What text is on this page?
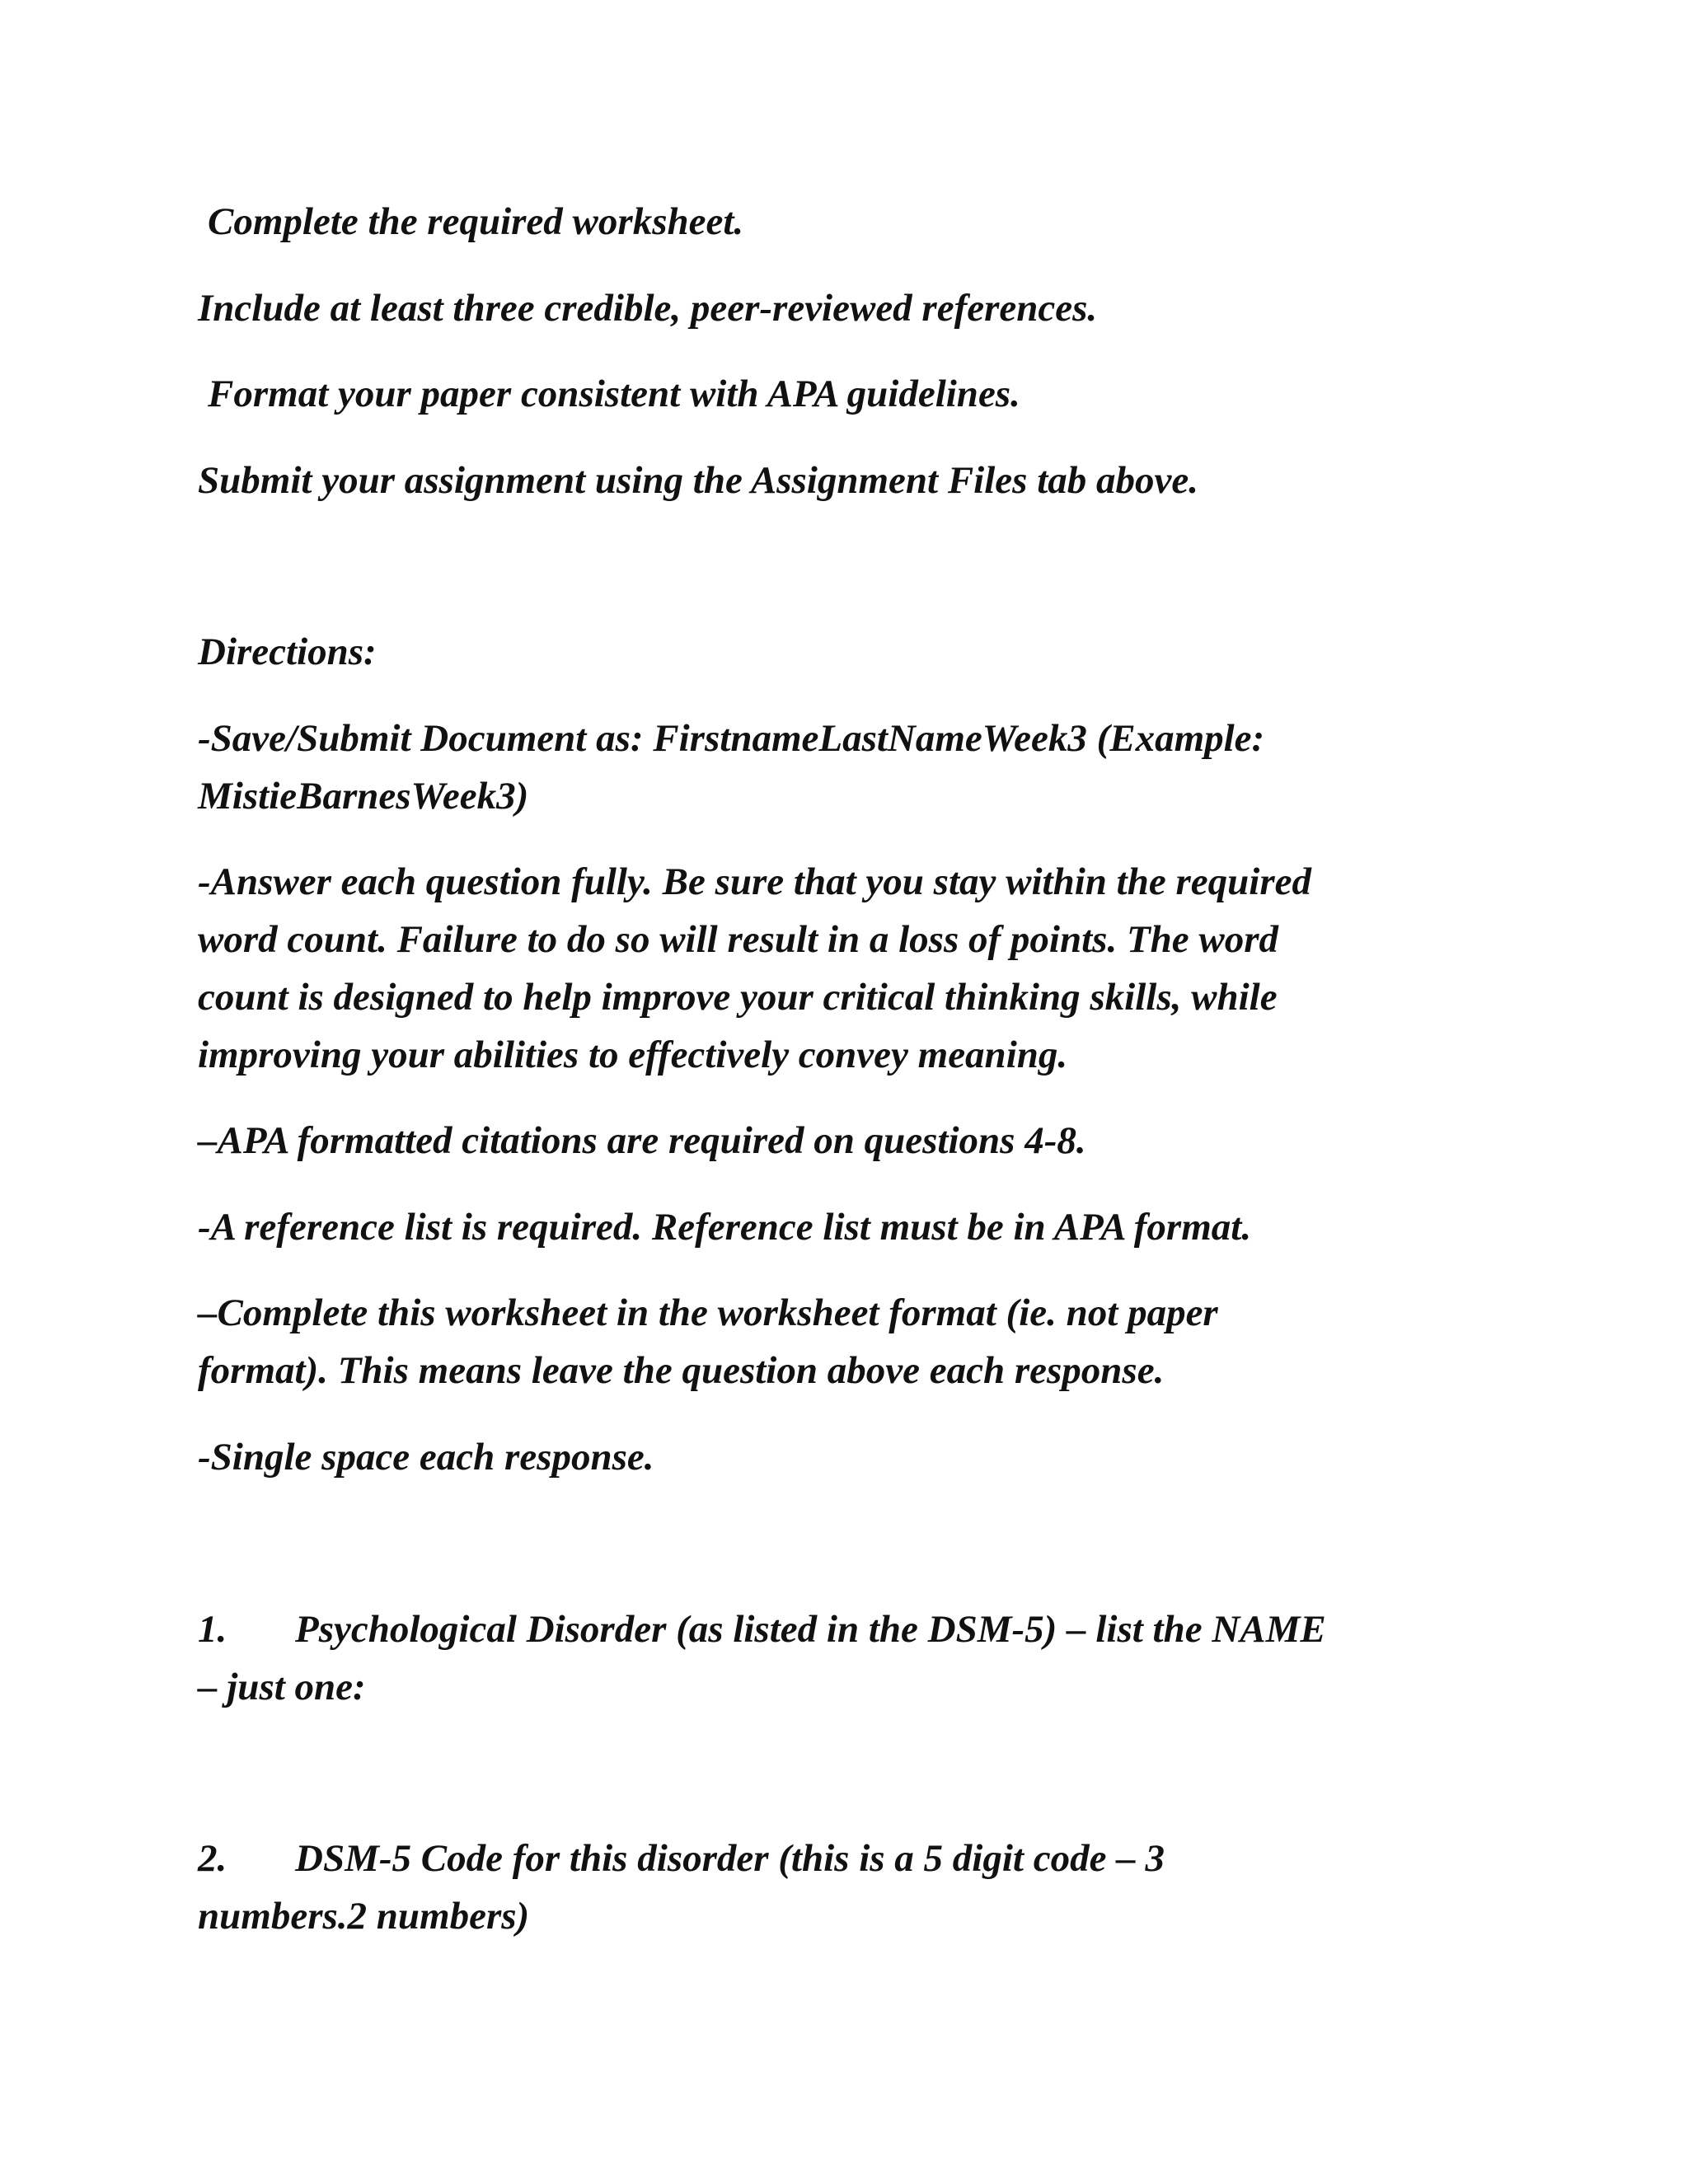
Complete the required worksheet.

Include at least three credible, peer-reviewed references.

Format your paper consistent with APA guidelines.

Submit your assignment using the Assignment Files tab above.

Directions:

-Save/Submit Document as: FirstnameLastNameWeek3 (Example:

MistieBarnesWeek3)

-Answer each question fully. Be sure that you stay within the required

word count. Failure to do so will result in a loss of points. The word

count is designed to help improve your critical thinking skills, while

improving your abilities to effectively convey meaning.

–APA formatted citations are required on questions 4-8.

-A reference list is required. Reference list must be in APA format.

–Complete this worksheet in the worksheet format (ie. not paper

format). This means leave the question above each response.

-Single space each response.

1. Psychological Disorder (as listed in the DSM-5) – list the NAME

– just one:

2. DSM-5 Code for this disorder (this is a 5 digit code – 3

numbers.2 numbers)
